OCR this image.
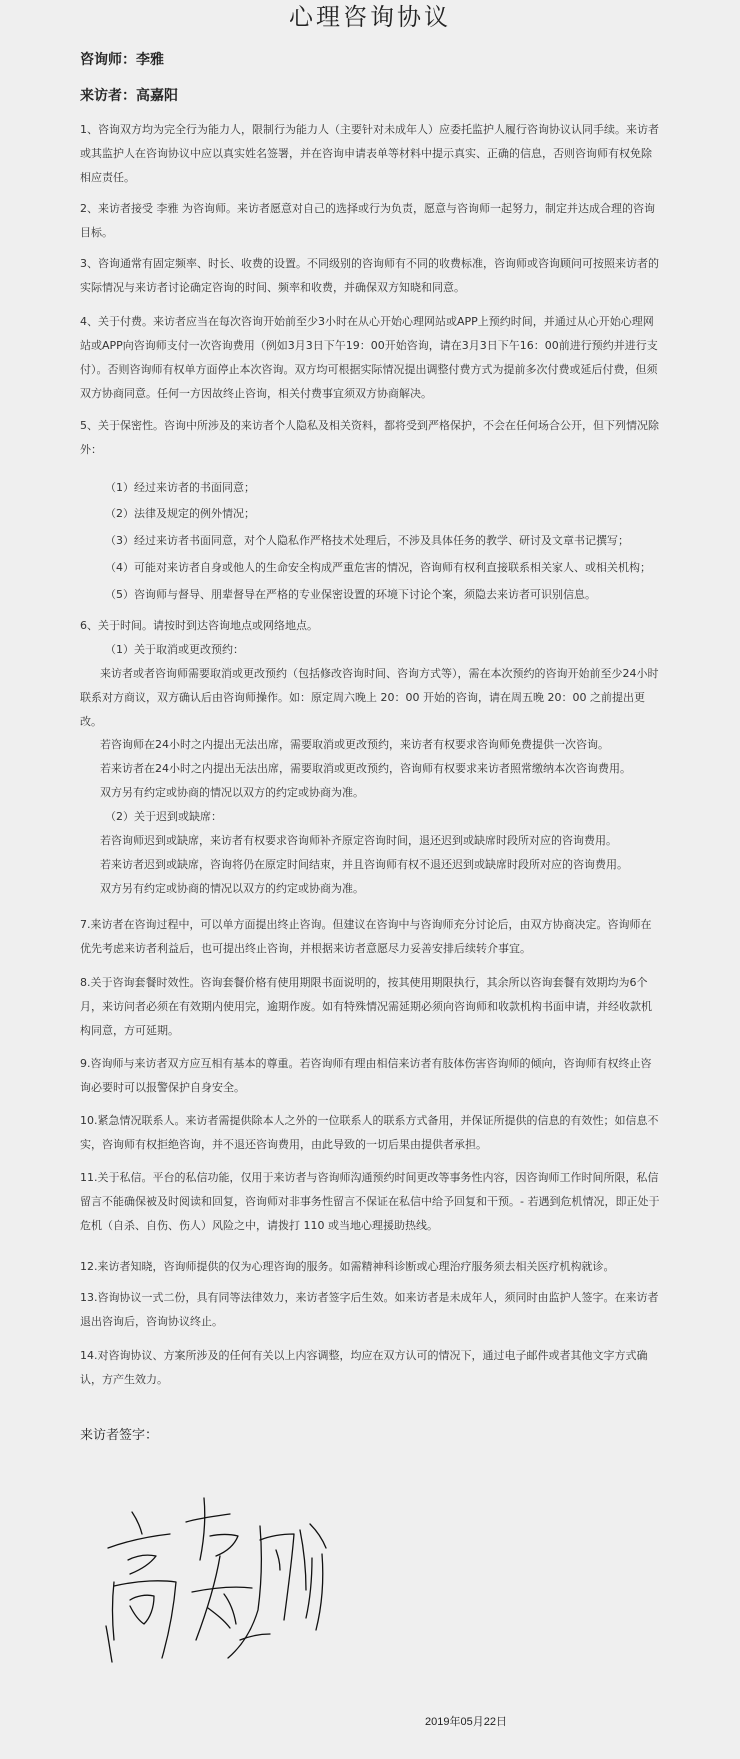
心理咨询协议
咨询师：李雅
来访者：高嘉阳

1、咨询双方均为完全行为能力人，限制行为能力人（主要针对未成年人）应委托监护人履行咨询协议认同手续。来访者或其监护人在咨询协议中应以真实姓名签署，并在咨询申请表单等材料中提示真实、正确的信息，否则咨询师有权免除相应责任。

2、来访者接受 李雅 为咨询师。来访者愿意对自己的选择或行为负责，愿意与咨询师一起努力，制定并达成合理的咨询目标。

3、咨询通常有固定频率、时长、收费的设置。不同级别的咨询师有不同的收费标准，咨询师或咨询顾问可按照来访者的实际情况与来访者讨论确定咨询的时间、频率和收费，并确保双方知晓和同意。

4、关于付费。来访者应当在每次咨询开始前至少3小时在从心开始心理网站或APP上预约时间，并通过从心开始心理网站或APP向咨询师支付一次咨询费用（例如3月3日下午19：00开始咨询，请在3月3日下午16：00前进行预约并进行支付）。否则咨询师有权单方面停止本次咨询。双方均可根据实际情况提出调整付费方式为提前多次付费或延后付费，但须双方协商同意。任何一方因故终止咨询，相关付费事宜须双方协商解决。

5、关于保密性。咨询中所涉及的来访者个人隐私及相关资料，都将受到严格保护，不会在任何场合公开，但下列情况除外：

（1）经过来访者的书面同意；

（2）法律及规定的例外情况；

（3）经过来访者书面同意，对个人隐私作严格技术处理后，不涉及具体任务的教学、研讨及文章书记撰写；

（4）可能对来访者自身或他人的生命安全构成严重危害的情况，咨询师有权利直接联系相关家人、或相关机构；

（5）咨询师与督导、朋辈督导在严格的专业保密设置的环境下讨论个案，须隐去来访者可识别信息。

6、关于时间。请按时到达咨询地点或网络地点。

（1）关于取消或更改预约：

来访者或者咨询师需要取消或更改预约（包括修改咨询时间、咨询方式等），需在本次预约的咨询开始前至少24小时联系对方商议，双方确认后由咨询师操作。如：原定周六晚上 20：00 开始的咨询，请在周五晚 20：00 之前提出更改。

若咨询师在24小时之内提出无法出席，需要取消或更改预约，来访者有权要求咨询师免费提供一次咨询。

若来访者在24小时之内提出无法出席，需要取消或更改预约，咨询师有权要求来访者照常缴纳本次咨询费用。

双方另有约定或协商的情况以双方的约定或协商为准。

（2）关于迟到或缺席：

若咨询师迟到或缺席，来访者有权要求咨询师补齐原定咨询时间，退还迟到或缺席时段所对应的咨询费用。

若来访者迟到或缺席，咨询将仍在原定时间结束，并且咨询师有权不退还迟到或缺席时段所对应的咨询费用。

双方另有约定或协商的情况以双方的约定或协商为准。

7.来访者在咨询过程中，可以单方面提出终止咨询。但建议在咨询中与咨询师充分讨论后，由双方协商决定。咨询师在优先考虑来访者利益后，也可提出终止咨询，并根据来访者意愿尽力妥善安排后续转介事宜。

8.关于咨询套餐时效性。咨询套餐价格有使用期限书面说明的，按其使用期限执行，其余所以咨询套餐有效期均为6个月，来访问者必须在有效期内使用完，逾期作废。如有特殊情况需延期必须向咨询师和收款机构书面申请，并经收款机构同意，方可延期。

9.咨询师与来访者双方应互相有基本的尊重。若咨询师有理由相信来访者有肢体伤害咨询师的倾向，咨询师有权终止咨询必要时可以报警保护自身安全。

10.紧急情况联系人。来访者需提供除本人之外的一位联系人的联系方式备用，并保证所提供的信息的有效性；如信息不实，咨询师有权拒绝咨询，并不退还咨询费用，由此导致的一切后果由提供者承担。

11.关于私信。平台的私信功能，仅用于来访者与咨询师沟通预约时间更改等事务性内容，因咨询师工作时间所限，私信留言不能确保被及时阅读和回复，咨询师对非事务性留言不保证在私信中给予回复和干预。- 若遇到危机情况，即正处于危机（自杀、自伤、伤人）风险之中，请拨打 110 或当地心理援助热线。

12.来访者知晓，咨询师提供的仅为心理咨询的服务。如需精神科诊断或心理治疗服务须去相关医疗机构就诊。

13.咨询协议一式二份，具有同等法律效力，来访者签字后生效。如来访者是未成年人，须同时由监护人签字。在来访者退出咨询后，咨询协议终止。

14.对咨询协议、方案所涉及的任何有关以上内容调整，均应在双方认可的情况下，通过电子邮件或者其他文字方式确认，方产生效力。

来访者签字：
2019年05月22日
